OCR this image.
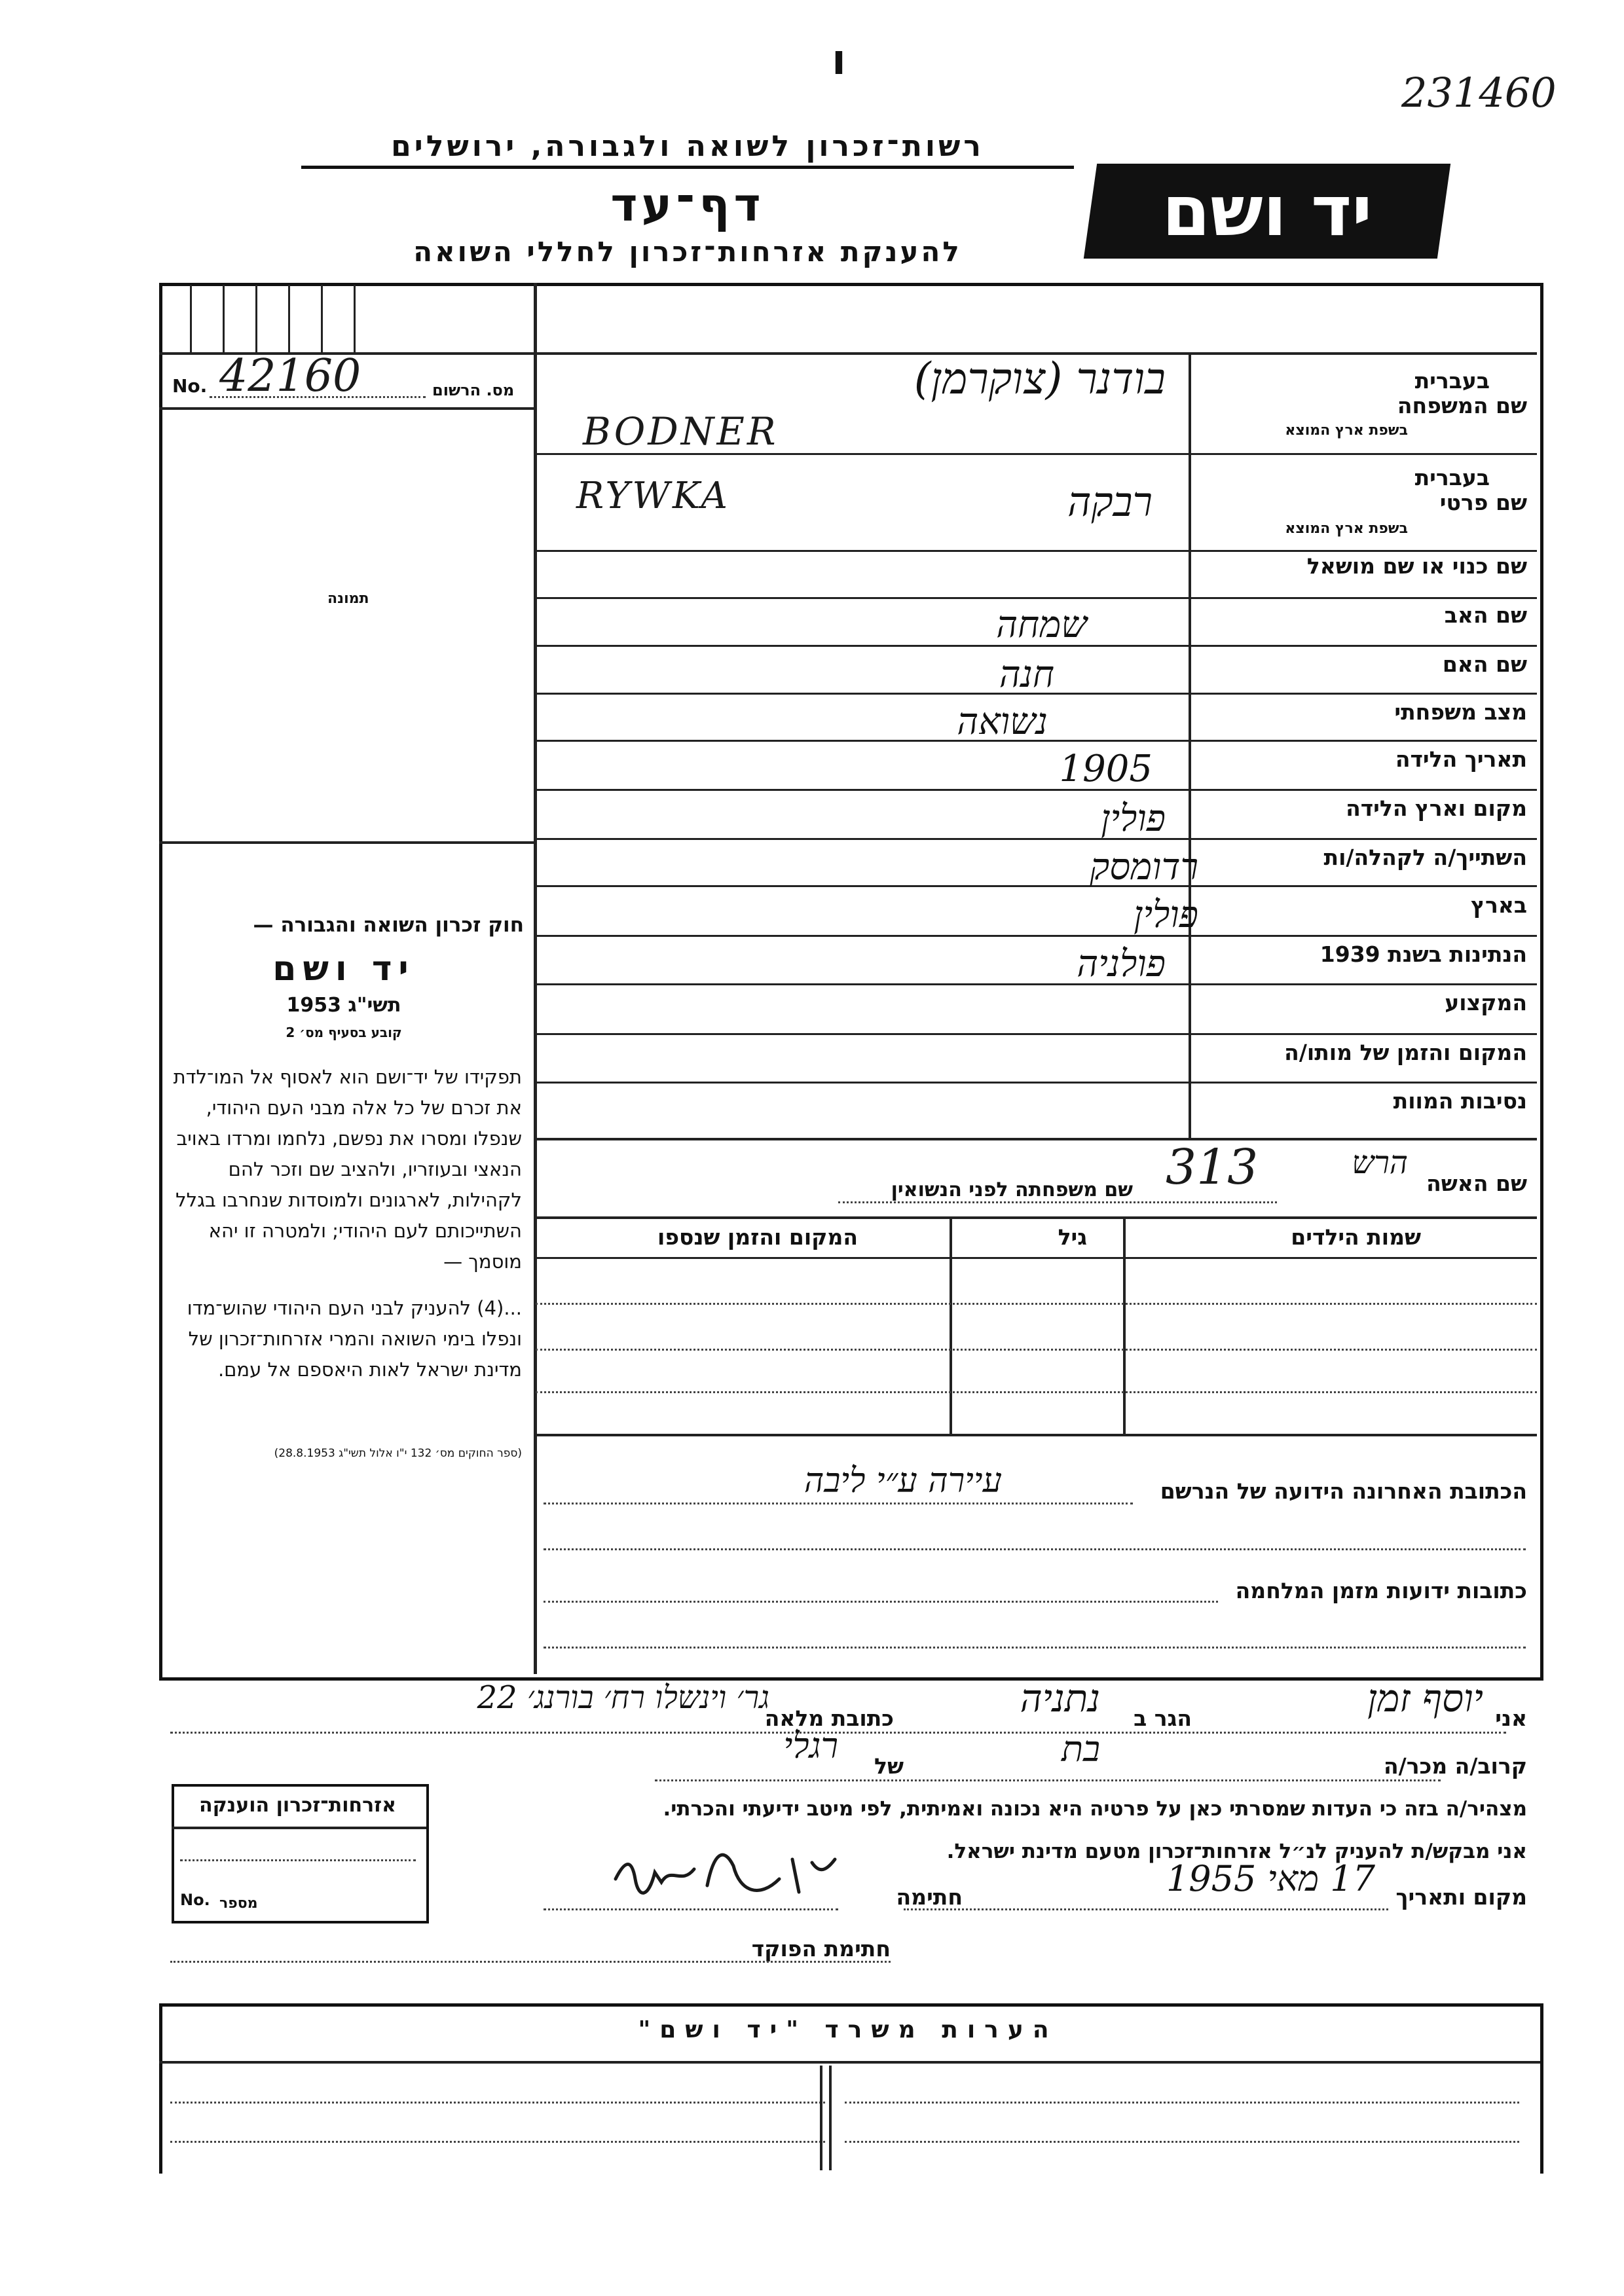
ו
231460
יד ושם
רשות־זכרון לשואה ולגבורה, ירושלים
דף־עד
להענקת אזרחות־זכרון לחללי השואה
מס. הרשום
No. 42160
תמונה
בעברית
שם המשפחה
בשפת ארץ המוצא
בעברית
שם פרטי
בשפת ארץ המוצא
שם כנוי או שם מושאל
שם האב
שם האם
מצב משפחתי
תאריך הלידה
מקום וארץ הלידה
השתייך/ה לקהלה/ות
בארץ
הנתינות בשנת 1939
המקצוע
המקום והזמן של מותו/ה
נסיבות המוות
בודנר (צוקרמן)
BODNER
רבקה
RYWKA
שמחה
חנה
נשואה
1905
פולין
רדומסק
פולין
פולניה
שם האשה
הרש
שם משפחתה לפני הנשואין 313
שמות הילדים
גיל
המקום והזמן שנספו
הכתובת האחרונה הידועה של הנרשם
עיירה ע״י ליבה
כתובות ידועות מזמן המלחמה
חוק זכרון השואה והגבורה —
יד ושם
תשי"ג 1953
קובע בסעיף מס׳ 2
תפקידו של יד־ושם הוא לאסוף אל המו־לדת את זכרם של כל אלה מבני העם היהודי, שנפלו ומסרו את נפשם, נלחמו ומרדו באויב הנאצי ובעוזריו, ולהציב שם וזכר להם לקהילות, לארגונים ולמוסדות שנחרבו בגלל השתייכותם לעם היהודי; ולמטרה זו יהא מוסמך —
...(4) להעניק לבני העם היהודי שהוש־מדו ונפלו בימי השואה והמרי אזרחות־זכרון של מדינת ישראל לאות היאספם אל עמם.
(ספר החוקים מס׳ 132 י"ו אלול תשי"ג 28.8.1953)
אני
יוסף זמן
הגר ב
נתניה
כתובת מלאה
גר׳ וינשלו רח׳ בורנג׳ 22
קרוב/ה מכר/ה
בת
של
רגלי
מצהיר/ה בזה כי העדות שמסרתי כאן על פרטיה היא נכונה ואמיתית, לפי מיטב ידיעתי והכרתי.
אני מבקש/ת להעניק לנ״ל אזרחות־זכרון מטעם מדינת ישראל.
מקום ותאריך
17 מאי 1955
חתימה
חתימת הפוקד
אזרחות־זכרון הוענקה
מספר
No.
הערות משרד "יד ושם"
